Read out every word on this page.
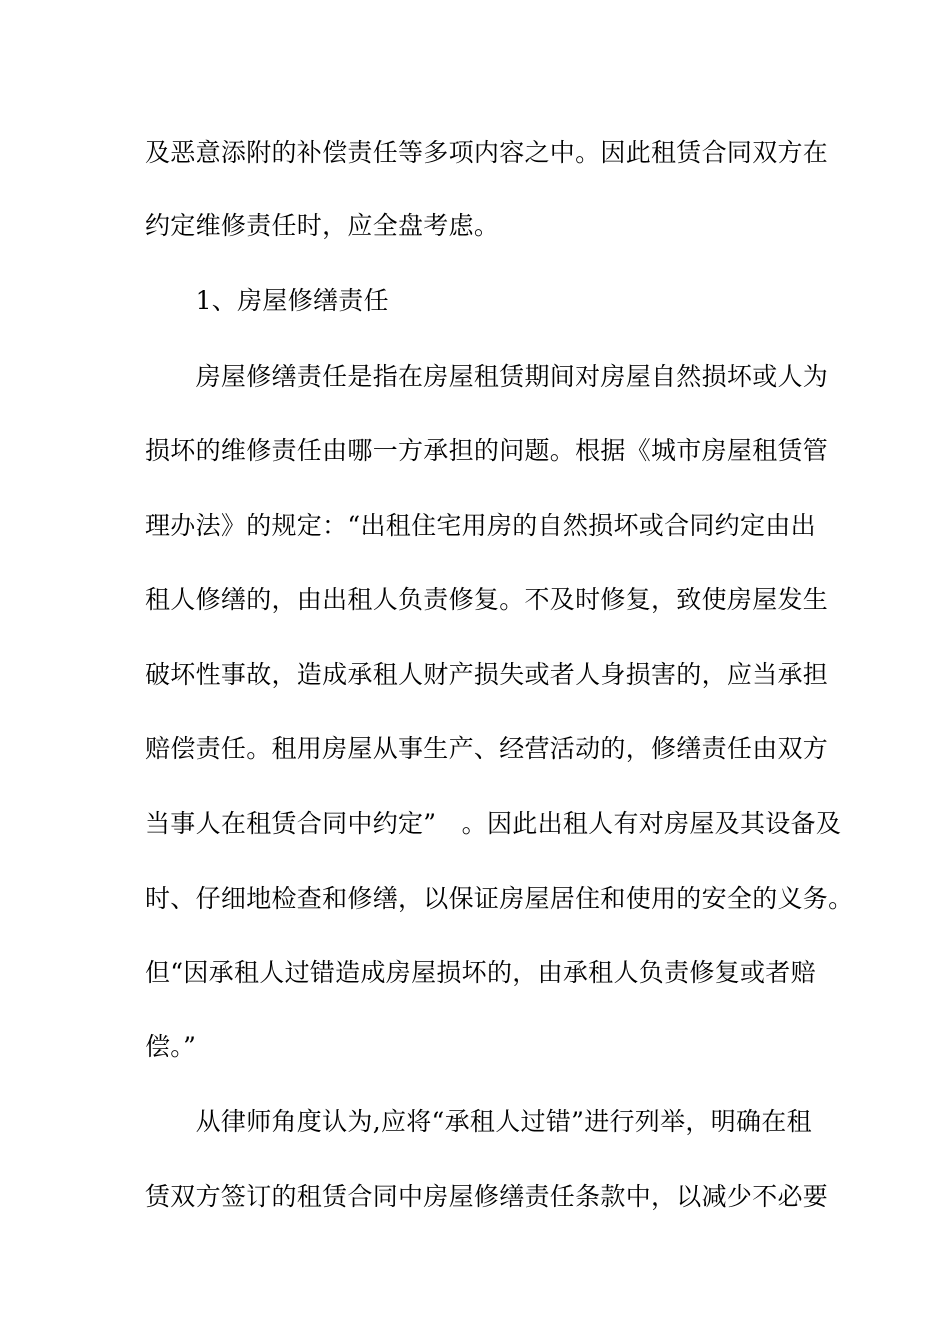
及恶意添附的补偿责任等多项内容之中。因此租赁合同双方在
约定维修责任时，应全盘考虑。
　　1、房屋修缮责任
　　房屋修缮责任是指在房屋租赁期间对房屋自然损坏或人为
损坏的维修责任由哪一方承担的问题。根据《城市房屋租赁管
理办法》的规定：“出租住宅用房的自然损坏或合同约定由出
租人修缮的，由出租人负责修复。不及时修复，致使房屋发生
破坏性事故，造成承租人财产损失或者人身损害的，应当承担
赔偿责任。租用房屋从事生产、经营活动的，修缮责任由双方
当事人在租赁合同中约定”　。因此出租人有对房屋及其设备及
时、仔细地检查和修缮，以保证房屋居住和使用的安全的义务。
但“因承租人过错造成房屋损坏的，由承租人负责修复或者赔
偿。”
　　从律师角度认为,应将“承租人过错”进行列举，明确在租
赁双方签订的租赁合同中房屋修缮责任条款中，以减少不必要
